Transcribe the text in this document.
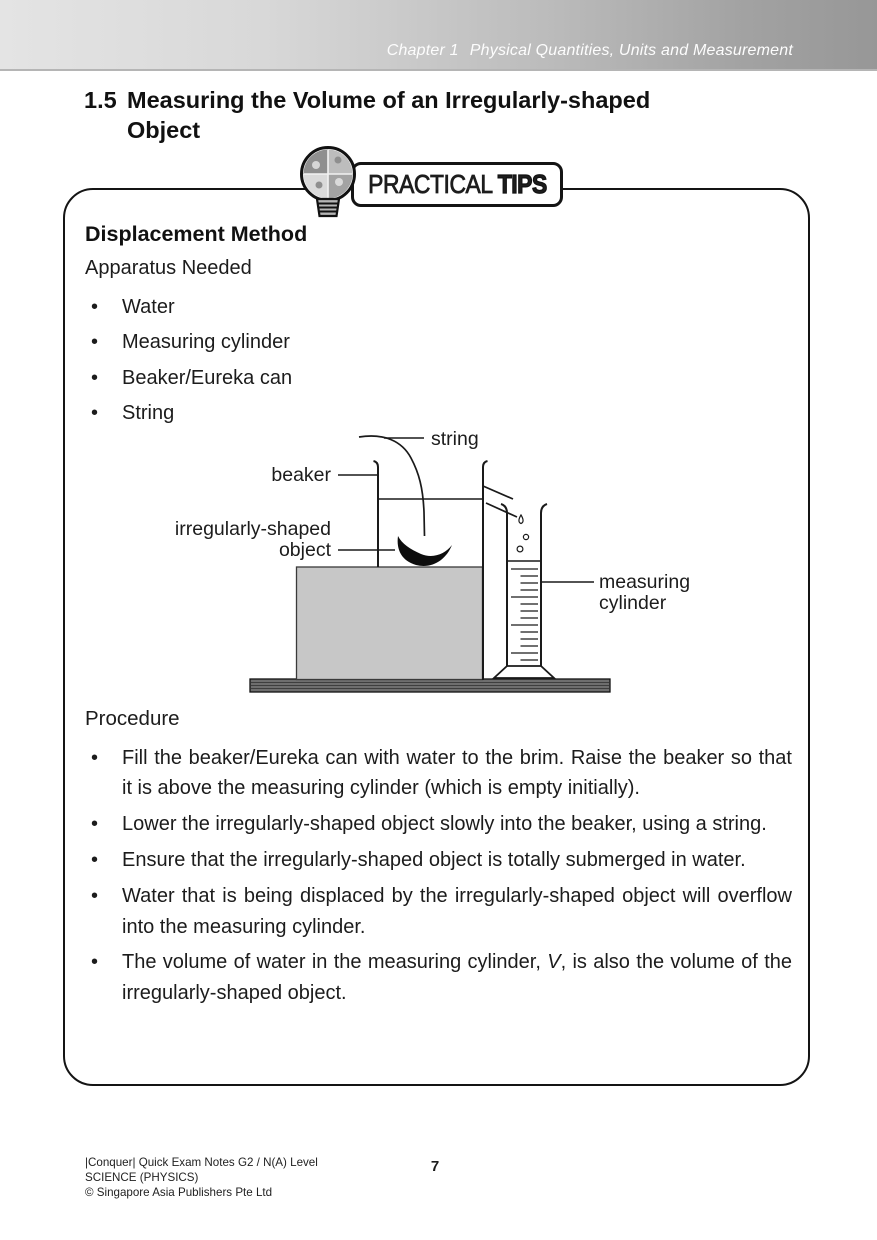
Chapter 1 Physical Quantities, Units and Measurement
1.5 Measuring the Volume of an Irregularly-shaped
Object
PRACTICAL TIPS
Displacement Method
Apparatus Needed
• Water
• Measuring cylinder
• Beaker/Eureka can
• String
string
beaker
irregularly-shaped
object
measuring
cylinder
Procedure
• Fill the beaker/Eureka can with water to the brim. Raise the beaker so that it is above the measuring cylinder (which is empty initially).
• Lower the irregularly-shaped object slowly into the beaker, using a string.
• Ensure that the irregularly-shaped object is totally submerged in water.
• Water that is being displaced by the irregularly-shaped object will overflow into the measuring cylinder.
• The volume of water in the measuring cylinder, V, is also the volume of the irregularly-shaped object.
|Conquer| Quick Exam Notes G2 / N(A) Level
SCIENCE (PHYSICS)
© Singapore Asia Publishers Pte Ltd
7
